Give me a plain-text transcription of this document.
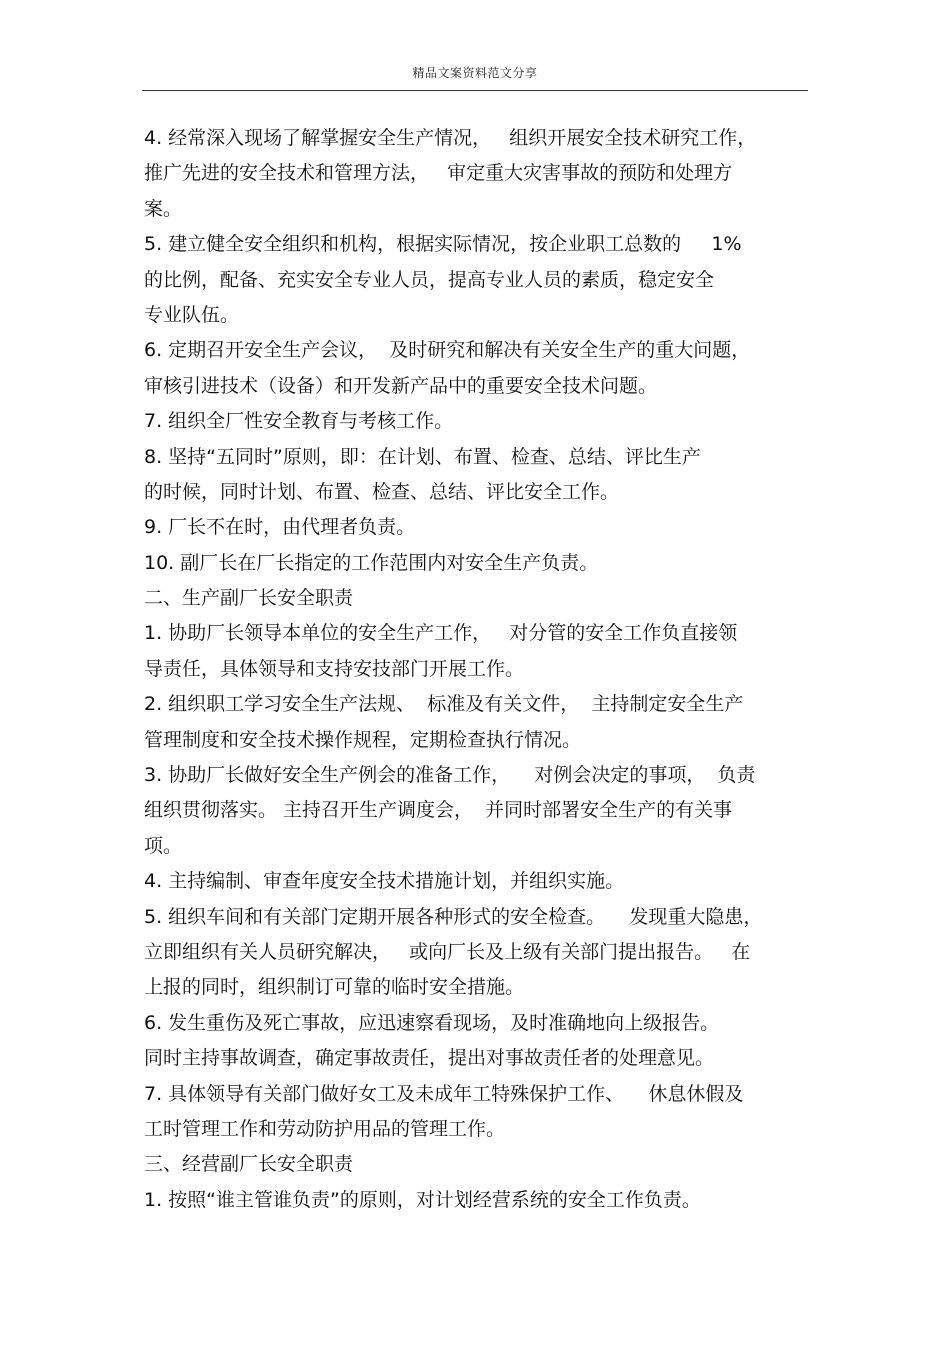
精品文案资料范文分享
4. 经常深入现场了解掌握安全生产情况，   组织开展安全技术研究工作，
推广先进的安全技术和管理方法，   审定重大灾害事故的预防和处理方
案。
5. 建立健全安全组织和机构，根据实际情况，按企业职工总数的     1%
的比例，配备、充实安全专业人员，提高专业人员的素质，稳定安全
专业队伍。
6. 定期召开安全生产会议，  及时研究和解决有关安全生产的重大问题，
审核引进技术（设备）和开发新产品中的重要安全技术问题。
7. 组织全厂性安全教育与考核工作。
8. 坚持“五同时”原则，即：在计划、布置、检查、总结、评比生产
的时候，同时计划、布置、检查、总结、评比安全工作。
9. 厂长不在时，由代理者负责。
10. 副厂长在厂长指定的工作范围内对安全生产负责。
二、生产副厂长安全职责
1. 协助厂长领导本单位的安全生产工作，   对分管的安全工作负直接领
导责任，具体领导和支持安技部门开展工作。
2. 组织职工学习安全生产法规、  标准及有关文件，  主持制定安全生产
管理制度和安全技术操作规程，定期检查执行情况。
3. 协助厂长做好安全生产例会的准备工作，    对例会决定的事项，  负责
组织贯彻落实。 主持召开生产调度会，  并同时部署安全生产的有关事
项。
4. 主持编制、审查年度安全技术措施计划，并组织实施。
5. 组织车间和有关部门定期开展各种形式的安全检查。    发现重大隐患，
立即组织有关人员研究解决，   或向厂长及上级有关部门提出报告。   在
上报的同时，组织制订可靠的临时安全措施。
6. 发生重伤及死亡事故，应迅速察看现场，及时准确地向上级报告。
同时主持事故调查，确定事故责任，提出对事故责任者的处理意见。
7. 具体领导有关部门做好女工及未成年工特殊保护工作、    休息休假及
工时管理工作和劳动防护用品的管理工作。
三、经营副厂长安全职责
1. 按照“谁主管谁负责”的原则，对计划经营系统的安全工作负责。
